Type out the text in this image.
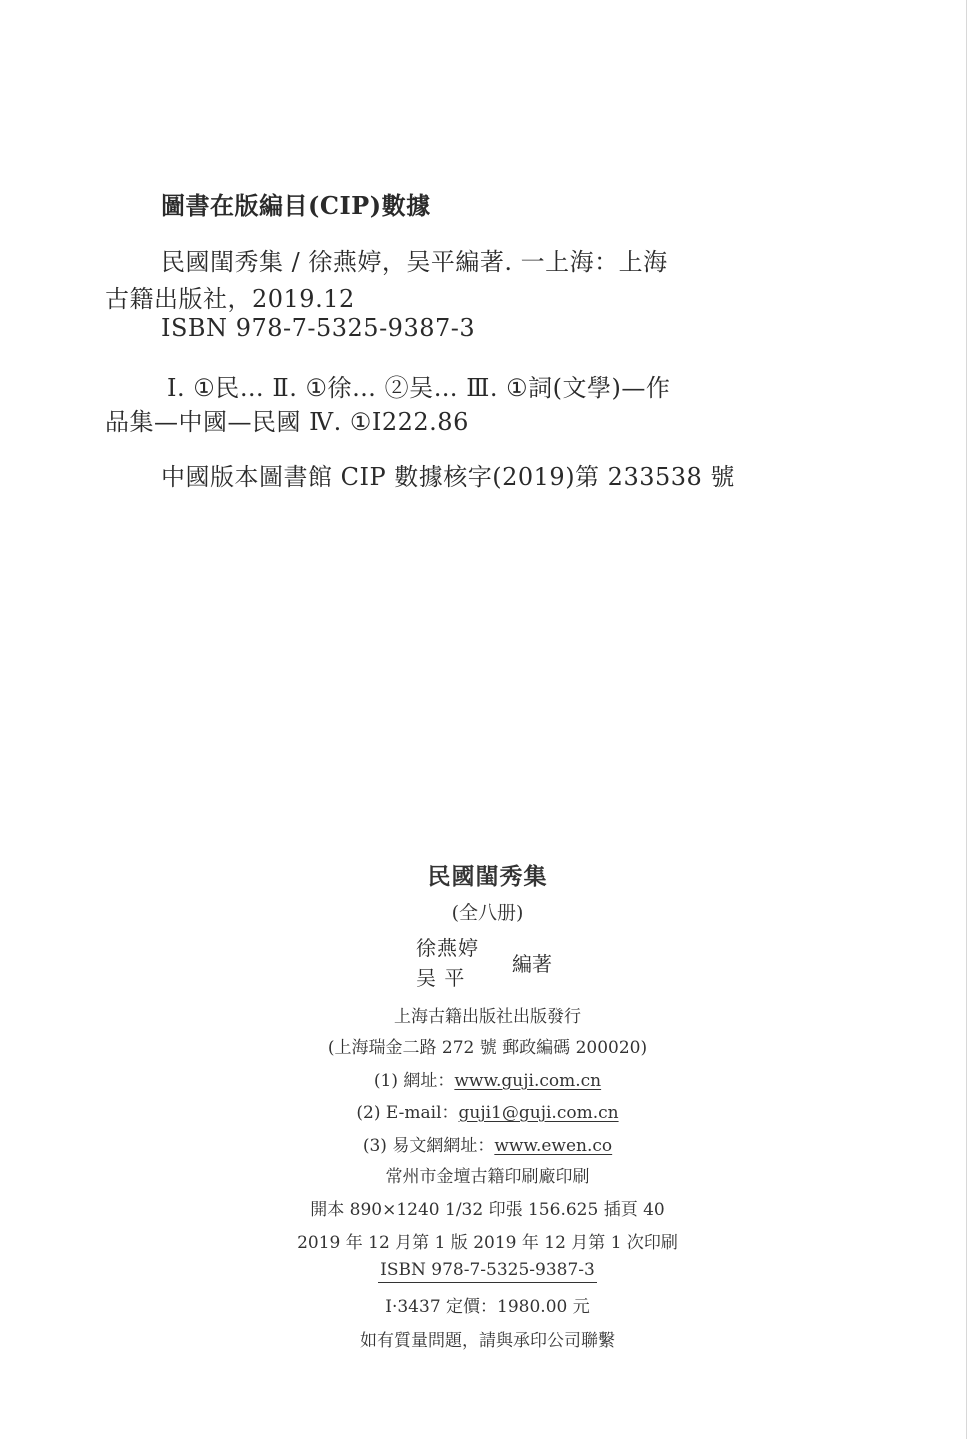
圖書在版編目(CIP)數據
民國閨秀集 / 徐燕婷，吴平編著. 一上海：上海
古籍出版社，2019.12
ISBN 978-7-5325-9387-3
Ⅰ. ①民… Ⅱ. ①徐… ②吴… Ⅲ. ①詞(文學)—作
品集—中國—民國 Ⅳ. ①I222.86
中國版本圖書館 CIP 數據核字(2019)第 233538 號
民國閨秀集
(全八册)
徐燕婷
吴 平
編著
上海古籍出版社出版發行
(上海瑞金二路 272 號 郵政編碼 200020)
(1) 網址：www.guji.com.cn
(2) E-mail：guji1@guji.com.cn
(3) 易文網網址：www.ewen.co
常州市金壇古籍印刷廠印刷
開本 890×1240 1/32 印張 156.625 插頁 40
2019 年 12 月第 1 版 2019 年 12 月第 1 次印刷
ISBN 978-7-5325-9387-3
I·3437 定價：1980.00 元
如有質量問題，請與承印公司聯繫
